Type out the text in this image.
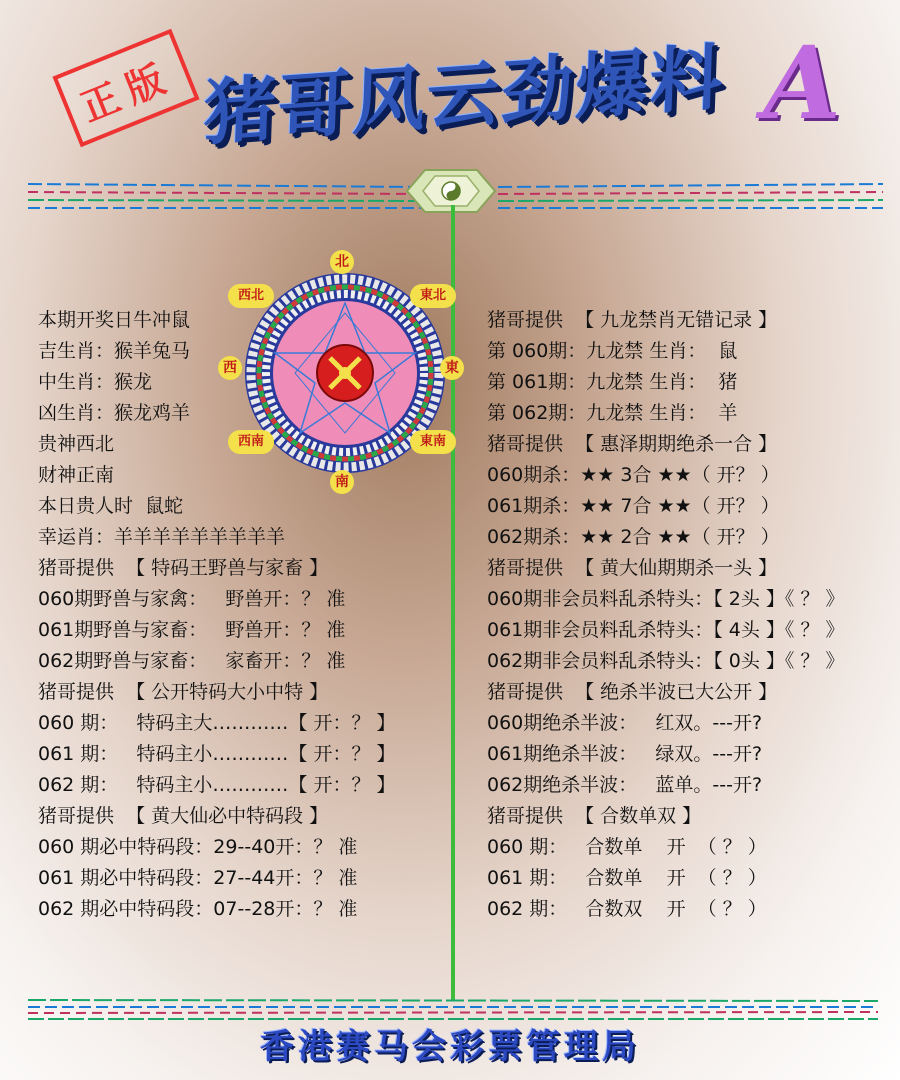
正版 猪哥风云劲爆料 A
北
南
西	東
西北	東北
西南	東南
本期开奖日牛冲鼠
吉生肖：猴羊兔马
中生肖：猴龙
凶生肖：猴龙鸡羊
贵神西北
财神正南
本日贵人时  鼠蛇
幸运肖：羊羊羊羊羊羊羊羊羊
猪哥提供  【 特码王野兽与家畜 】
060期野兽与家禽：   野兽开：？ 准
061期野兽与家畜：   野兽开：？ 准
062期野兽与家畜：   家畜开：？ 准
猪哥提供  【 公开特码大小中特 】
060 期：   特码主大…………【 开：？ 】
061 期：   特码主小…………【 开：？ 】
062 期：   特码主小…………【 开：？ 】
猪哥提供  【 黄大仙必中特码段 】
060 期必中特码段：29--40开：？ 准
061 期必中特码段：27--44开：？ 准
062 期必中特码段：07--28开：？ 准
猪哥提供  【 九龙禁肖无错记录 】
第 060期：九龙禁 生肖：  鼠
第 061期：九龙禁 生肖：  猪
第 062期：九龙禁 生肖：  羊
猪哥提供  【 惠泽期期绝杀一合 】
060期杀：★★ 3合 ★★（ 开？ ）
061期杀：★★ 7合 ★★（ 开？ ）
062期杀：★★ 2合 ★★（ 开？ ）
猪哥提供  【 黄大仙期期杀一头 】
060期非会员料乱杀特头：【 2头 】《 ？ 》
061期非会员料乱杀特头：【 4头 】《 ？ 》
062期非会员料乱杀特头：【 0头 】《 ？ 》
猪哥提供  【 绝杀半波已大公开 】
060期绝杀半波：   红双。---开?
061期绝杀半波：   绿双。---开?
062期绝杀半波：   蓝单。---开?
猪哥提供  【 合数单双 】
060 期：   合数单    开  （ ？ ）
061 期：   合数单    开  （ ？ ）
062 期：   合数双    开  （ ？ ）
香港赛马会彩票管理局
